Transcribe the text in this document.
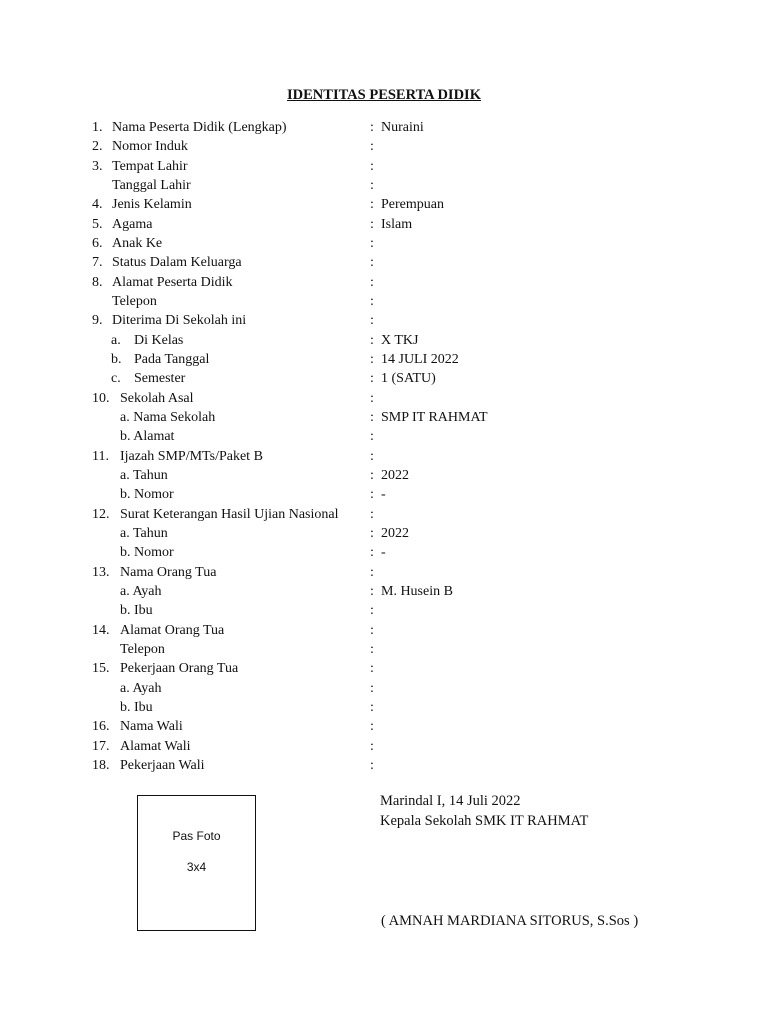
IDENTITAS PESERTA DIDIK
1. Nama Peserta Didik (Lengkap)	: Nuraini
2. Nomor Induk	:
3. Tempat Lahir	:
Tanggal Lahir	:
4. Jenis Kelamin	: Perempuan
5. Agama	: Islam
6. Anak Ke	:
7. Status Dalam Keluarga	:
8. Alamat Peserta Didik	:
Telepon	:
9. Diterima Di Sekolah ini	:
a. Di Kelas	: X TKJ
b. Pada Tanggal	: 14 JULI 2022
c. Semester	: 1 (SATU)
10. Sekolah Asal	:
a. Nama Sekolah	: SMP IT RAHMAT
b. Alamat	:
11. Ijazah SMP/MTs/Paket B	:
a. Tahun	: 2022
b. Nomor	: -
12. Surat Keterangan Hasil Ujian Nasional :
a. Tahun	: 2022
b. Nomor	: -
13. Nama Orang Tua	:
a. Ayah	: M. Husein B
b. Ibu	:
14. Alamat Orang Tua	:
Telepon	:
15. Pekerjaan Orang Tua	:
a. Ayah	:
b. Ibu	:
16. Nama Wali	:
17. Alamat Wali	:
18. Pekerjaan Wali	:
Pas Foto
3x4
Marindal I, 14 Juli 2022
Kepala Sekolah SMK IT RAHMAT
( AMNAH MARDIANA SITORUS, S.Sos )
